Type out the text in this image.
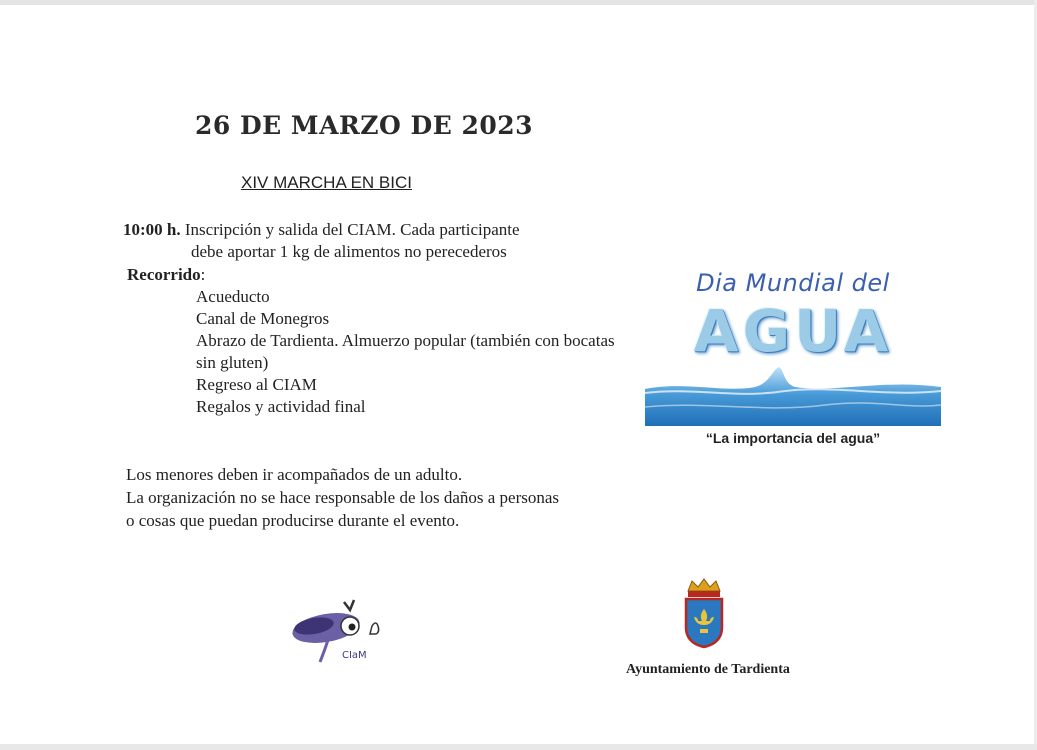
26 DE MARZO DE 2023
XIV MARCHA EN BICI
10:00 h. Inscripción y salida del CIAM. Cada participante
debe aportar 1 kg de alimentos no perecederos
Recorrido:
Acueducto
Canal de Monegros
Abrazo de Tardienta. Almuerzo popular (también con bocatas sin gluten)
Regreso al CIAM
Regalos y actividad final

Los menores deben ir acompañados de un adulto.

La organización no se hace responsable de los daños a personas

o cosas que puedan producirse durante el evento.

Dia Mundial del
AGUA
“La importancia del agua”
CIaM
Ayuntamiento de Tardienta
